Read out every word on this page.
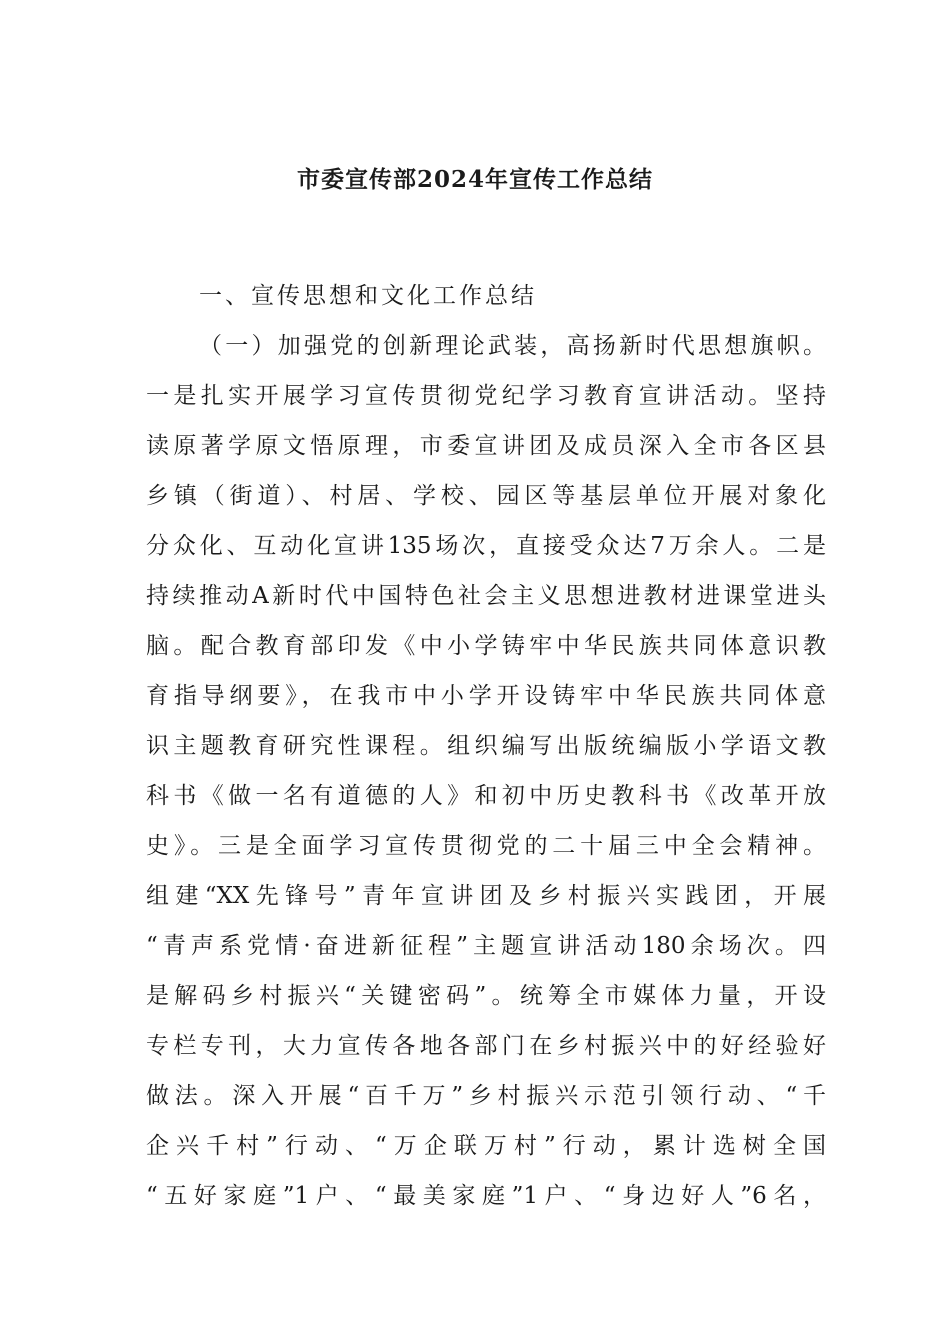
市委宣传部2024年宣传工作总结
一、宣传思想和文化工作总结
（一）加强党的创新理论武装，高扬新时代思想旗帜。
一是扎实开展学习宣传贯彻党纪学习教育宣讲活动。坚持
读原著学原文悟原理，市委宣讲团及成员深入全市各区县
乡镇（街道）、村居、学校、园区等基层单位开展对象化
分众化、互动化宣讲135场次，直接受众达7万余人。二是
持续推动A新时代中国特色社会主义思想进教材进课堂进头
脑。配合教育部印发《中小学铸牢中华民族共同体意识教
育指导纲要》，在我市中小学开设铸牢中华民族共同体意
识主题教育研究性课程。组织编写出版统编版小学语文教
科书《做一名有道德的人》和初中历史教科书《改革开放
史》。三是全面学习宣传贯彻党的二十届三中全会精神。
组建“XX先锋号”青年宣讲团及乡村振兴实践团，开展
“青声系党情·奋进新征程”主题宣讲活动180余场次。四
是解码乡村振兴“关键密码”。统筹全市媒体力量，开设
专栏专刊，大力宣传各地各部门在乡村振兴中的好经验好
做法。深入开展“百千万”乡村振兴示范引领行动、“千
企兴千村”行动、“万企联万村”行动，累计选树全国
“五好家庭”1户、“最美家庭”1户、“身边好人”6名，
